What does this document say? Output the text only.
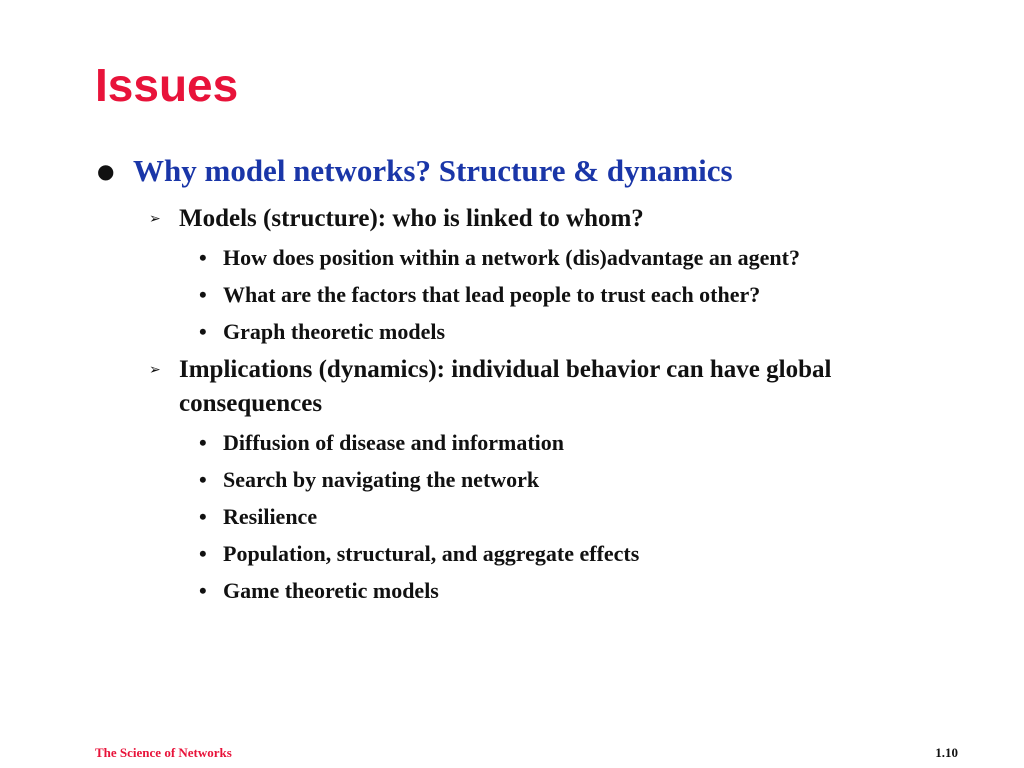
Issues
● Why model networks? Structure & dynamics
➢ Models (structure): who is linked to whom?
• How does position within a network (dis)advantage an agent?
• What are the factors that lead people to trust each other?
• Graph theoretic models
➢ Implications (dynamics): individual behavior can have global consequences
• Diffusion of disease and information
• Search by navigating the network
• Resilience
• Population, structural, and aggregate effects
• Game theoretic models
The Science of Networks	1.10
